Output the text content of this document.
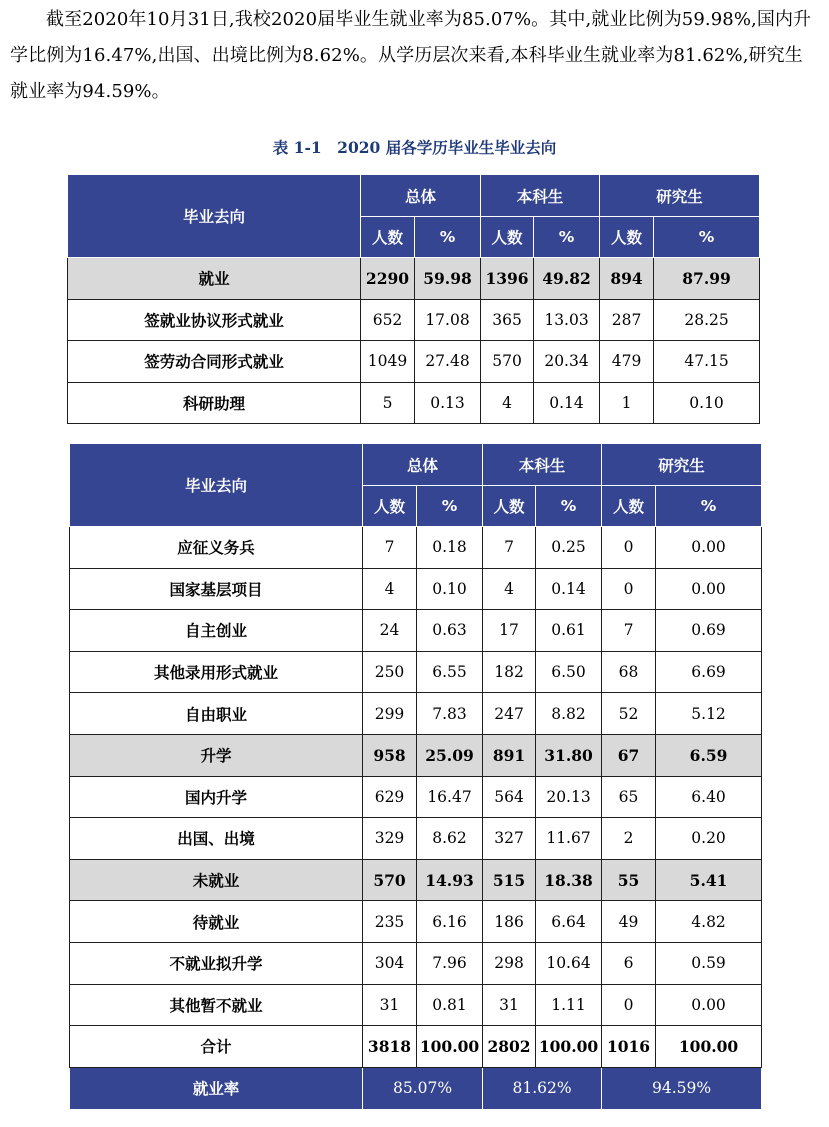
截至2020年10月31日,我校2020届毕业生就业率为85.07%。其中,就业比例为59.98%,国内升学比例为16.47%,出国、出境比例为8.62%。从学历层次来看,本科毕业生就业率为81.62%,研究生就业率为94.59%。

表 1-1　2020 届各学历毕业生毕业去向
毕业去向	总体		本科生		研究生	
	人数	%	人数	%	人数	%
就业	2290	59.98	1396	49.82	894	87.99
签就业协议形式就业	652	17.08	365	13.03	287	28.25
签劳动合同形式就业	1049	27.48	570	20.34	479	47.15
科研助理	5	0.13	4	0.14	1	0.10
毕业去向	总体		本科生		研究生	
	人数	%	人数	%	人数	%
应征义务兵	7	0.18	7	0.25	0	0.00
国家基层项目	4	0.10	4	0.14	0	0.00
自主创业	24	0.63	17	0.61	7	0.69
其他录用形式就业	250	6.55	182	6.50	68	6.69
自由职业	299	7.83	247	8.82	52	5.12
升学	958	25.09	891	31.80	67	6.59
国内升学	629	16.47	564	20.13	65	6.40
出国、出境	329	8.62	327	11.67	2	0.20
未就业	570	14.93	515	18.38	55	5.41
待就业	235	6.16	186	6.64	49	4.82
不就业拟升学	304	7.96	298	10.64	6	0.59
其他暂不就业	31	0.81	31	1.11	0	0.00
合计	3818	100.00	2802	100.00	1016	100.00
就业率	85.07%		81.62%		94.59%	
